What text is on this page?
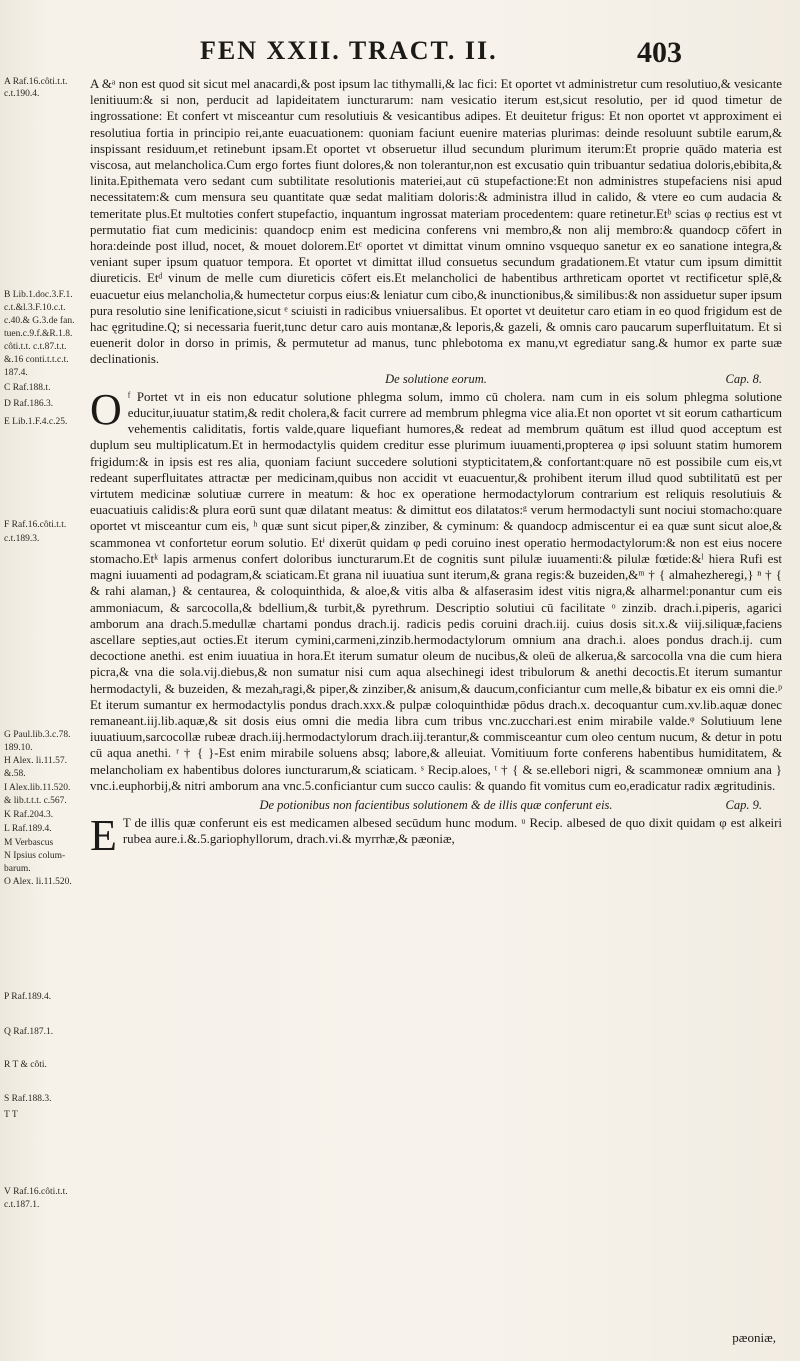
FEN XXII. TRACT. II.	403
A Raf.16.côti.t.t.
c.t.190.4.
B Lib.1.doc.3.F.1.
c.t.&l.3.F.10.c.t.
c.40.& G.3.de fan.
tuen.c.9.f.&R.1.8.
côti.t.t. c.t.87.t.t.
&.16 conti.t.t.c.t.
187.4.
C Raf.188.t.
D Raf.186.3.
E Lib.1.F.4.c.25.
F Raf.16.côti.t.t.
c.t.189.3.
G Paul.lib.3.c.78.
189.10.
H Alex. li.11.57.
&.58.
I Alex.lib.11.520.
& lib.t.t.t. c.567.
K Raf.204.3.
L Raf.189.4.
M Verbascus
N Ipsius colum-
barum.
O Alex. li.11.520.
P Raf.189.4.
Q Raf.187.1.
R T & côti.
S Raf.188.3.
T T
V Raf.16.côti.t.t.
c.t.187.1.

A &ᵃ non est quod sit sicut mel anacardi,& post ipsum lac tithymalli,& lac fici: Et oportet vt administretur cum resolutiuo,& vesicante lenitiuum:& si non, perducit ad lapideitatem iuncturarum: nam vesicatio iterum est,sicut resolutio, per id quod timetur de ingrossatione: Et confert vt misceantur cum resolutiuis & vesicantibus adipes. Et deuitetur frigus: Et non oportet vt approximent ei resolutiua fortia in principio rei,ante euacuationem: quoniam faciunt euenire materias plurimas: deinde resoluunt subtile earum,& inspissant residuum,et retinebunt ipsam.Et oportet vt obseruetur illud secundum plurimum iterum:Et proprie quādo materia est viscosa, aut melancholica.Cum ergo fortes fiunt dolores,& non tolerantur,non est excusatio quin tribuantur sedatiua doloris,ebibita,& linita.Epithemata vero sedant cum subtilitate resolutionis materiei,aut cū stupefactione:Et non administres stupefaciens nisi apud necessitatem:& cum mensura seu quantitate quæ sedat malitiam doloris:& administra illud in calido, & vtere eo cum audacia & temeritate plus.Et multoties confert stupefactio, inquantum ingrossat materiam procedentem: quare retinetur.Etᵇ scias φ rectius est vt permutatio fiat cum medicinis: quandocp enim est medicina conferens vni membro,& non alij membro:& quandocp cōfert in hora:deinde post illud, nocet, & mouet dolorem.Etᶜ oportet vt dimittat vinum omnino vsquequo sanetur ex eo sanatione integra,& veniant super ipsum quatuor tempora. Et oportet vt dimittat illud consuetus secundum gradationem.Et vtatur cum ipsum dimittit diureticis. Etᵈ vinum de melle cum diureticis cōfert eis.Et melancholici de habentibus arthreticam oportet vt rectificetur splē,& euacuetur eius melancholia,& humectetur corpus eius:& leniatur cum cibo,& inunctionibus,& similibus:& non assiduetur super ipsum pura resolutio sine lenificatione,sicut ᵉ sciuisti in radicibus vniuersalibus. Et oportet vt deuitetur caro etiam in eo quod frigidum est de hac ęgritudine.Q; si necessaria fuerit,tunc detur caro auis montanæ,& leporis,& gazeli, & omnis caro paucarum superfluitatum. Et si euenerit dolor in dorso in primis, & permutetur ad manus, tunc phlebotoma ex manu,vt egrediatur sang.& humor ex parte suæ declinationis.

De solutione eorum.	Cap. 8.

O ᶠ Portet vt in eis non educatur solutione phlegma solum, immo cū cholera. nam cum in eis solum phlegma solutione educitur,iuuatur statim,& redit cholera,& facit currere ad membrum phlegma vice alia.Et non oportet vt sit eorum catharticum vehementis caliditatis, fortis valde,quare liquefiant humores,& redeat ad membrum quātum est illud quod acceptum est duplum seu multiplicatum.Et in hermodactylis quidem creditur esse plurimum iuuamenti,propterea φ ipsi soluunt statim humorem frigidum:& in ipsis est res alia, quoniam faciunt succedere solutioni stypticitatem,& confortant:quare nō est possibile cum eis,vt redeant superfluitates attractæ per medicinam,quibus non accidit vt euacuentur,& prohibent iterum illud quod subtilitatū est per virtutem medicinæ solutiuæ currere in meatum: & hoc ex operatione hermodactylorum contrarium est reliquis resolutiuis & euacuatiuis calidis:& plura eorū sunt quæ dilatant meatus: & dimittut eos dilatatos:ᵍ verum hermodactyli sunt nociui stomacho:quare oportet vt misceantur cum eis, ʰ quæ sunt sicut piper,& zinziber, & cyminum: & quandocp admiscentur ei ea quæ sunt sicut aloe,& scammonea vt confortetur eorum solutio. Etⁱ dixerūt quidam φ pedi coruino inest operatio hermodactylorum:& non est eius nocere stomacho.Etᵏ lapis armenus confert doloribus iuncturarum.Et de cognitis sunt pilulæ iuuamenti:& pilulæ fœtide:&ˡ hiera Rufi est magni iuuamenti ad podagram,& sciaticam.Et grana nil iuuatiua sunt iterum,& grana regis:& buzeiden,&ᵐ † { almahezheregi,} ⁿ † { & rahi alaman,} & centaurea, & coloquinthida, & aloe,& vitis alba & alfaserasim idest vitis nigra,& alharmel:ponantur cum eis ammoniacum, & sarcocolla,& bdellium,& turbit,& pyrethrum. Descriptio solutiui cū facilitate ᵒ zinzib. drach.i.piperis, agarici amborum ana drach.5.medullæ chartami pondus drach.ij. radicis pedis coruini drach.iij. cuius dosis sit.x.& viij.siliquæ,faciens ascellare septies,aut octies.Et iterum cymini,carmeni,zinzib.hermodactylorum omnium ana drach.i. aloes pondus drach.ij. cum decoctione anethi. est enim iuuatiua in hora.Et iterum sumatur oleum de nucibus,& oleū de alkerua,& sarcocolla vna die cum hiera picra,& vna die sola.vij.diebus,& non sumatur nisi cum aqua alsechinegi idest tribulorum & anethi decoctis.Et iterum sumantur hermodactyli, & buzeiden, & mezahₐragi,& piper,& zinziber,& anisum,& daucum,conficiantur cum melle,& bibatur ex eis omni die.ᵖ Et iterum sumantur ex hermodactylis pondus drach.xxx.& pulpæ coloquinthidæ pōdus drach.x. decoquantur cum.xv.lib.aquæ donec remaneant.iij.lib.aquæ,& sit dosis eius omni die media libra cum tribus vnc.zucchari.est enim mirabile valde.ᵠ Solutiuum lene iuuatiuum,sarcocollæ rubeæ drach.iij.hermodactylorum drach.iij.terantur,& commisceantur cum oleo centum nucum, & detur in potu cū aqua anethi. ʳ † { }-Est enim mirabile soluens absq; labore,& alleuiat. Vomitiuum forte conferens habentibus humiditatem, & melancholiam ex habentibus dolores iuncturarum,& sciaticam. ˢ Recip.aloes, ᵗ † { & se.ellebori nigri, & scammoneæ omnium ana } vnc.i.euphorbij,& nitri amborum ana vnc.5.conficiantur cum succo caulis: & quando fit vomitus cum eo,eradicatur radix ægritudinis.

De potionibus non facientibus solutionem & de illis quæ conferunt eis.	Cap. 9.

E T de illis quæ conferunt eis est medicamen albesed secūdum hunc modum. ᵘ Recip. albesed de quo dixit quidam φ est alkeiri rubea aure.i.&.5.gariophyllorum, drach.vi.& myrrhæ,& pæoniæ,

pæoniæ,
